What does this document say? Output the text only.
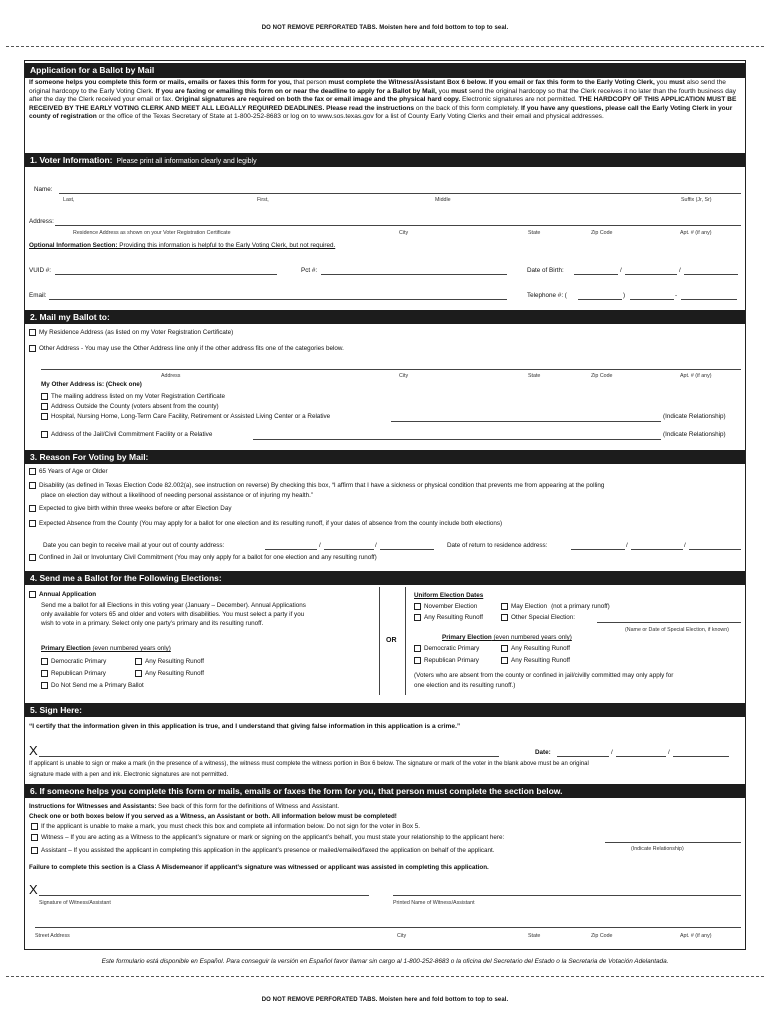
DO NOT REMOVE PERFORATED TABS. Moisten here and fold bottom to top to seal.
Application for a Ballot by Mail
If someone helps you complete this form or mails, emails or faxes this form for you, that person must complete the Witness/Assistant Box 6 below. If you email or fax this form to the Early Voting Clerk, you must also send the original hardcopy to the Early Voting Clerk. If you are faxing or emailing this form on or near the deadline to apply for a Ballot by Mail, you must send the original hardcopy so that the Clerk receives it no later than the fourth business day after the day the Clerk received your email or fax. Original signatures are required on both the fax or email image and the physical hard copy. Electronic signatures are not permitted. THE HARDCOPY OF THIS APPLICATION MUST BE RECEIVED BY THE EARLY VOTING CLERK AND MEET ALL LEGALLY REQUIRED DEADLINES. Please read the instructions on the back of this form completely. If you have any questions, please call the Early Voting Clerk in your county of registration or the office of the Texas Secretary of State at 1-800-252-8683 or log on to www.sos.texas.gov for a list of County Early Voting Clerks and their email and physical addresses.
1. Voter Information: Please print all information clearly and legibly
Name:
Last,	First,	Middle	Suffix (Jr, Sr)
Address:
Residence Address as shown on your Voter Registration Certificate	City	State	Zip Code	Apt. # (if any)
Optional Information Section: Providing this information is helpful to the Early Voting Clerk, but not required.
VUID #:	Pct #:	Date of Birth:	/	/
Email:	Telephone #: (	)	-
2. Mail my Ballot to:
My Residence Address (as listed on my Voter Registration Certificate)
Other Address - You may use the Other Address line only if the other address fits one of the categories below.
Address	City	State	Zip Code	Apt. # (if any)
My Other Address is: (Check one)
The mailing address listed on my Voter Registration Certificate
Address Outside the County (voters absent from the county)
Hospital, Nursing Home, Long-Term Care Facility, Retirement or Assisted Living Center or a Relative	(Indicate Relationship)
Address of the Jail/Civil Commitment Facility or a Relative	(Indicate Relationship)
3. Reason For Voting by Mail:
65 Years of Age or Older
Disability (as defined in Texas Election Code 82.002(a), see instruction on reverse) By checking this box, “I affirm that I have a sickness or physical condition that prevents me from appearing at the polling
place on election day without a likelihood of needing personal assistance or of injuring my health.”
Expected to give birth within three weeks before or after Election Day
Expected Absence from the County (You may apply for a ballot for one election and its resulting runoff, if your dates of absence from the county include both elections)
Date you can begin to receive mail at your out of county address:	/	/	Date of return to residence address:	/	/
Confined in Jail or Involuntary Civil Commitment (You may only apply for a ballot for one election and any resulting runoff)
4. Send me a Ballot for the Following Elections:
Annual Application
Send me a ballot for all Elections in this voting year (January – December). Annual Applications
only available for voters 65 and older and voters with disabilities. You must select a party if you
wish to vote in a primary. Select only one party’s primary and its resulting runoff.
Primary Election (even numbered years only)
Democratic Primary	Any Resulting Runoff
Republican Primary	Any Resulting Runoff
Do Not Send me a Primary Ballot
OR
Uniform Election Dates
November Election	May Election (not a primary runoff)
Any Resulting Runoff	Other Special Election:
(Name or Date of Special Election, if known)
Primary Election (even numbered years only)
Democratic Primary	Any Resulting Runoff
Republican Primary	Any Resulting Runoff
(Voters who are absent from the county or confined in jail/civilly committed may only apply for
one election and its resulting runoff.)
5. Sign Here:
“I certify that the information given in this application is true, and I understand that giving false information in this application is a crime.”
X	Date:	/	/
If applicant is unable to sign or make a mark (in the presence of a witness), the witness must complete the witness portion in Box 6 below. The signature or mark of the voter in the blank above must be an original
signature made with a pen and ink. Electronic signatures are not permitted.
6. If someone helps you complete this form or mails, emails or faxes the form for you, that person must complete the section below.
Instructions for Witnesses and Assistants: See back of this form for the definitions of Witness and Assistant.
Check one or both boxes below if you served as a Witness, an Assistant or both. All information below must be completed!
If the applicant is unable to make a mark, you must check this box and complete all information below. Do not sign for the voter in Box 5.
Witness – If you are acting as a Witness to the applicant’s signature or mark or signing on the applicant’s behalf, you must state your relationship to the applicant here:
Assistant – If you assisted the applicant in completing this application in the applicant’s presence or mailed/emailed/faxed the application on behalf of the applicant.	(Indicate Relationship)
Failure to complete this section is a Class A Misdemeanor if applicant’s signature was witnessed or applicant was assisted in completing this application.
X
Signature of Witness/Assistant	Printed Name of Witness/Assistant
Street Address	City	State	Zip Code	Apt. # (if any)
Este formulario está disponible en Español. Para conseguir la versión en Español favor llamar sin cargo al 1-800-252-8683 o la oficina del Secretario del Estado o la Secretaria de Votación Adelantada.
DO NOT REMOVE PERFORATED TABS. Moisten here and fold bottom to top to seal.
